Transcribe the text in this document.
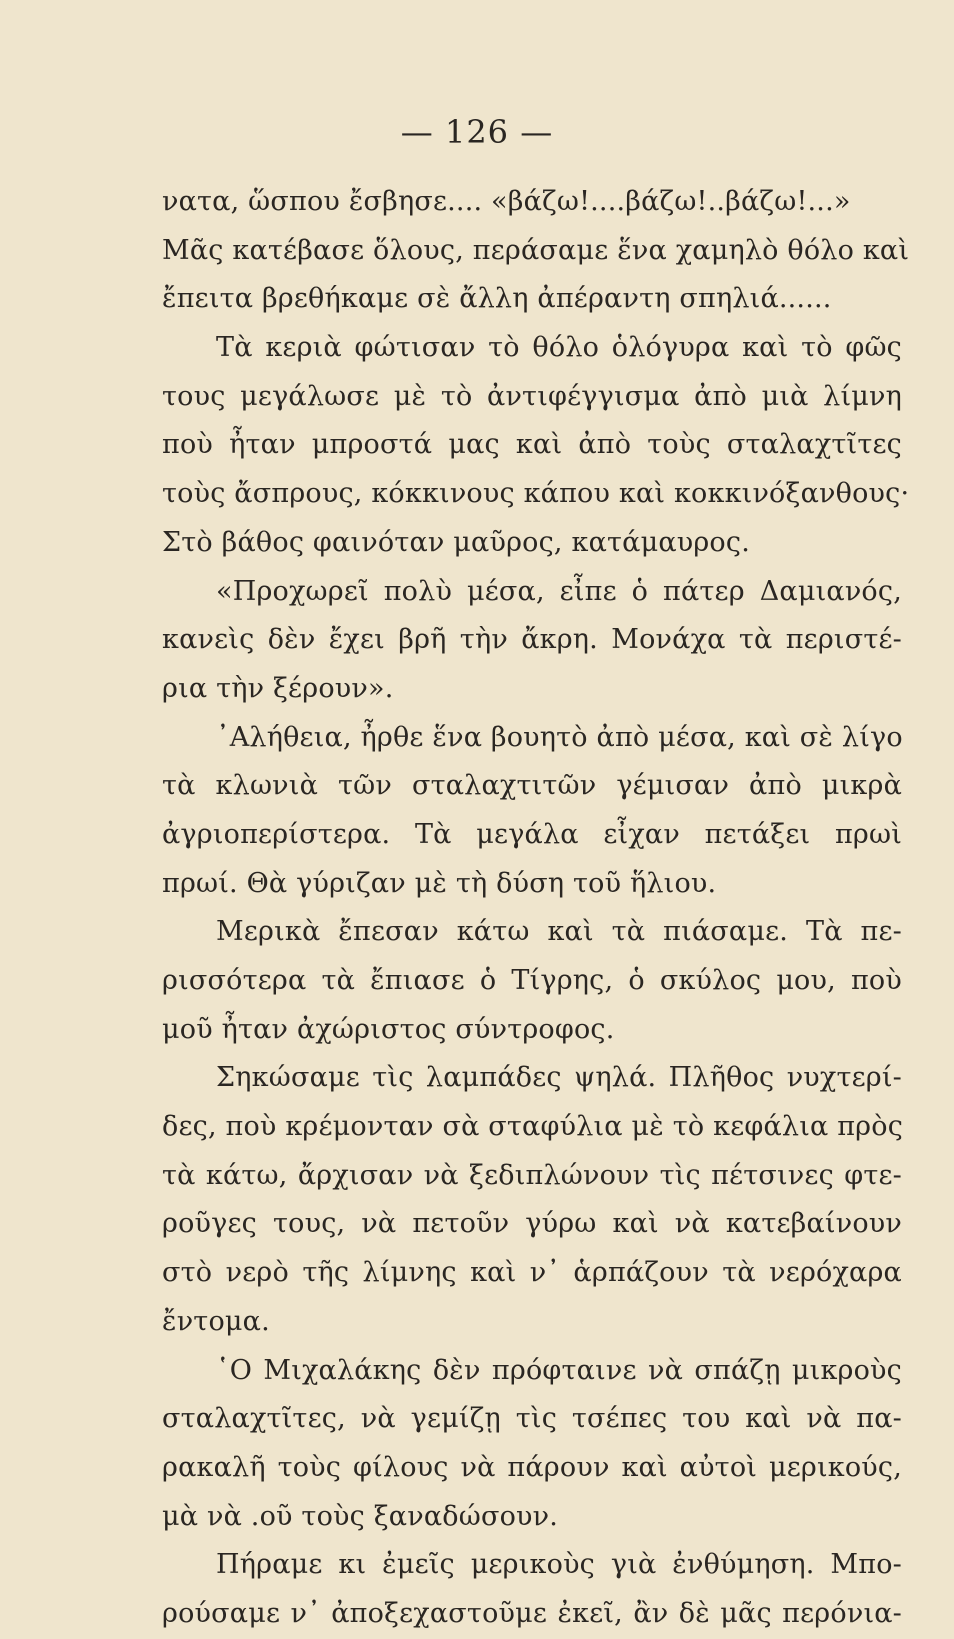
— 126 —
νατα, ὥσπου ἔσβησε.... «βάζω!....βάζω!..βάζω!...»
Μᾶς κατέβασε ὅλους, περάσαμε ἕνα χαμηλὸ θόλο καὶ
ἔπειτα βρεθήκαμε σὲ ἄλλη ἀπέραντη σπηλιά......
Τὰ κεριὰ φώτισαν τὸ θόλο ὁλόγυρα καὶ τὸ φῶς
τους μεγάλωσε μὲ τὸ ἀντιφέγγισμα ἀπὸ μιὰ λίμνη
ποὺ ἦταν μπροστά μας καὶ ἀπὸ τοὺς σταλαχτῖτες
τοὺς ἄσπρους, κόκκινους κάπου καὶ κοκκινόξανθους·
Στὸ βάθος φαινόταν μαῦρος, κατάμαυρος.
«Προχωρεῖ πολὺ μέσα, εἶπε ὁ πάτερ Δαμιανός,
κανεὶς δὲν ἔχει βρῆ τὴν ἄκρη. Μονάχα τὰ περιστέ-
ρια τὴν ξέρουν».
᾿Αλήθεια, ἦρθε ἕνα βουητὸ ἀπὸ μέσα, καὶ σὲ λίγο
τὰ κλωνιὰ τῶν σταλαχτιτῶν γέμισαν ἀπὸ μικρὰ
ἀγριοπερίστερα. Τὰ μεγάλα εἶχαν πετάξει πρωὶ
πρωί. Θὰ γύριζαν μὲ τὴ δύση τοῦ ἥλιου.
Μερικὰ ἔπεσαν κάτω καὶ τὰ πιάσαμε. Τὰ πε-
ρισσότερα τὰ ἔπιασε ὁ Τίγρης, ὁ σκύλος μου, ποὺ
μοῦ ἦταν ἀχώριστος σύντροφος.
Σηκώσαμε τὶς λαμπάδες ψηλά. Πλῆθος νυχτερί-
δες, ποὺ κρέμονταν σὰ σταφύλια μὲ τὸ κεφάλια πρὸς
τὰ κάτω, ἄρχισαν νὰ ξεδιπλώνουν τὶς πέτσινες φτε-
ροῦγες τους, νὰ πετοῦν γύρω καὶ νὰ κατεβαίνουν
στὸ νερὸ τῆς λίμνης καὶ ν᾿ ἁρπάζουν τὰ νερόχαρα
ἔντομα.
῾Ο Μιχαλάκης δὲν πρόφταινε νὰ σπάζῃ μικροὺς
σταλαχτῖτες, νὰ γεμίζῃ τὶς τσέπες του καὶ νὰ πα-
ρακαλῆ τοὺς φίλους νὰ πάρουν καὶ αὐτοὶ μερικούς,
μὰ νὰ .οῦ τοὺς ξαναδώσουν.
Πήραμε κι ἐμεῖς μερικοὺς γιὰ ἐνθύμηση. Μπο-
ρούσαμε ν᾿ ἀποξεχαστοῦμε ἐκεῖ, ἂν δὲ μᾶς περόνια-
